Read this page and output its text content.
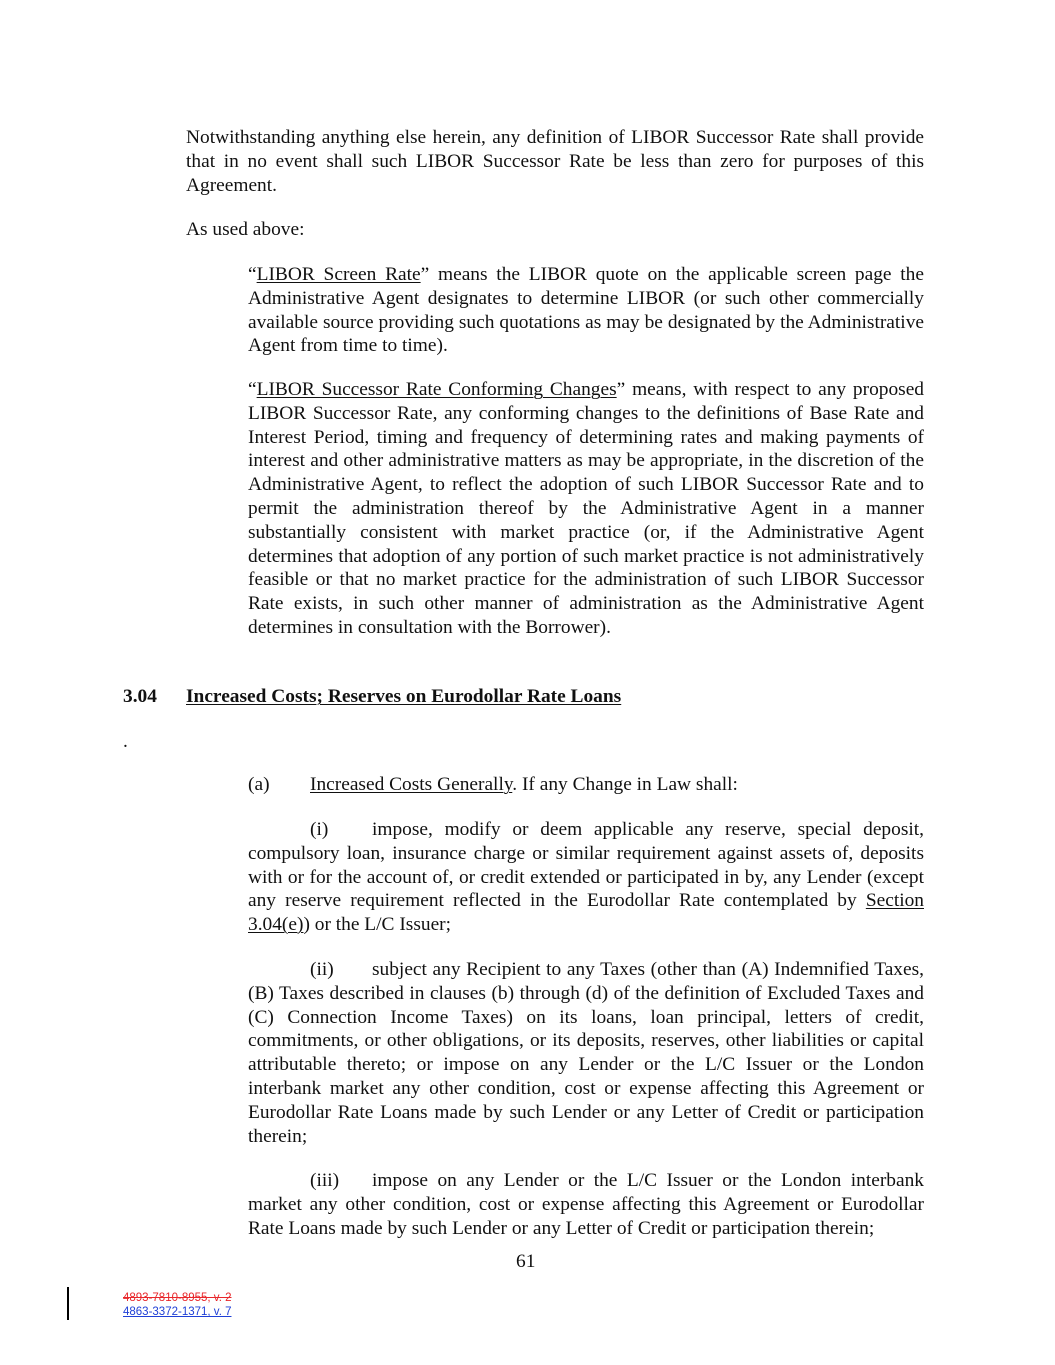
Notwithstanding anything else herein, any definition of LIBOR Successor Rate shall provide that in no event shall such LIBOR Successor Rate be less than zero for purposes of this Agreement.

As used above:

“LIBOR Screen Rate” means the LIBOR quote on the applicable screen page the Administrative Agent designates to determine LIBOR (or such other commercially available source providing such quotations as may be designated by the Administrative Agent from time to time).

“LIBOR Successor Rate Conforming Changes” means, with respect to any proposed LIBOR Successor Rate, any conforming changes to the definitions of Base Rate and Interest Period, timing and frequency of determining rates and making payments of interest and other administrative matters as may be appropriate, in the discretion of the Administrative Agent, to reflect the adoption of such LIBOR Successor Rate and to permit the administration thereof by the Administrative Agent in a manner substantially consistent with market practice (or, if the Administrative Agent determines that adoption of any portion of such market practice is not administratively feasible or that no market practice for the administration of such LIBOR Successor Rate exists, in such other manner of administration as the Administrative Agent determines in consultation with the Borrower).

3.04 Increased Costs; Reserves on Eurodollar Rate Loans
.
(a) Increased Costs Generally. If any Change in Law shall:

(i) impose, modify or deem applicable any reserve, special deposit, compulsory loan, insurance charge or similar requirement against assets of, deposits with or for the account of, or credit extended or participated in by, any Lender (except any reserve requirement reflected in the Eurodollar Rate contemplated by Section 3.04(e)) or the L/C Issuer;

(ii) subject any Recipient to any Taxes (other than (A) Indemnified Taxes, (B) Taxes described in clauses (b) through (d) of the definition of Excluded Taxes and (C) Connection Income Taxes) on its loans, loan principal, letters of credit, commitments, or other obligations, or its deposits, reserves, other liabilities or capital attributable thereto; or impose on any Lender or the L/C Issuer or the London interbank market any other condition, cost or expense affecting this Agreement or Eurodollar Rate Loans made by such Lender or any Letter of Credit or participation therein;

(iii) impose on any Lender or the L/C Issuer or the London interbank market any other condition, cost or expense affecting this Agreement or Eurodollar Rate Loans made by such Lender or any Letter of Credit or participation therein;

61
4893-7810-8955, v. 2
4863-3372-1371, v. 7
